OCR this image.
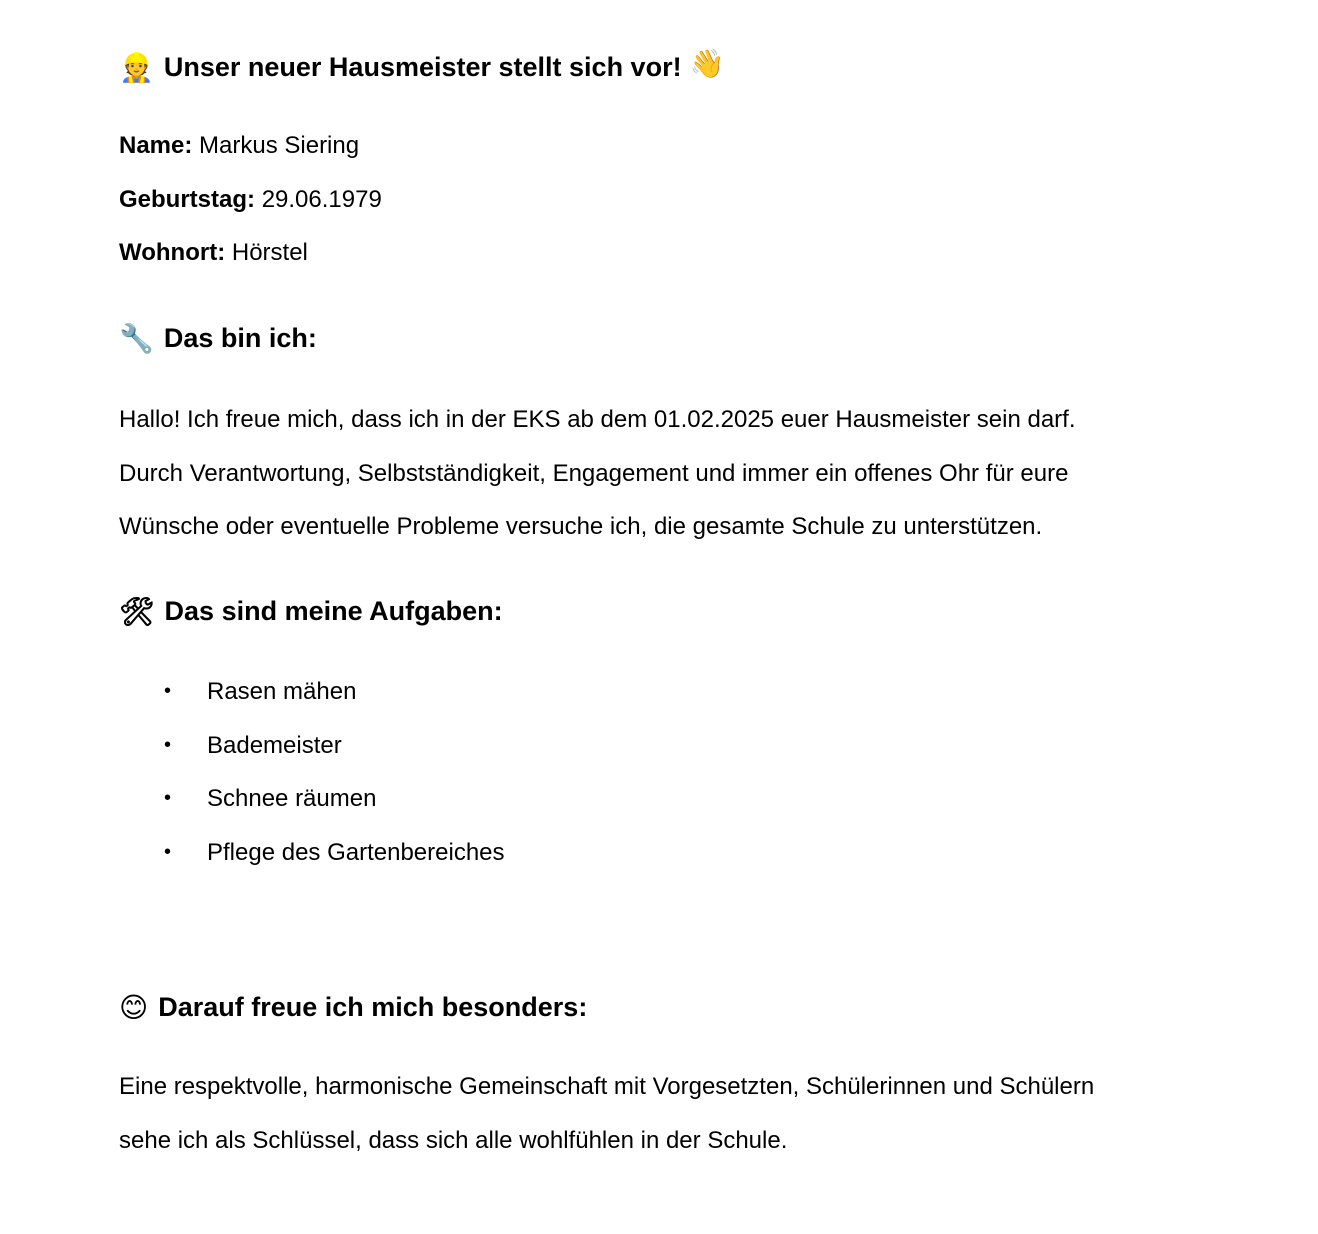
👷 Unser neuer Hausmeister stellt sich vor! 👋
Name: Markus Siering
Geburtstag: 29.06.1979
Wohnort: Hörstel
🔧 Das bin ich:
Hallo! Ich freue mich, dass ich in der EKS ab dem 01.02.2025 euer Hausmeister sein darf.
Durch Verantwortung, Selbstständigkeit, Engagement und immer ein offenes Ohr für eure
Wünsche oder eventuelle Probleme versuche ich, die gesamte Schule zu unterstützen.
🛠 Das sind meine Aufgaben:
• Rasen mähen
• Bademeister
• Schnee räumen
• Pflege des Gartenbereiches
😊 Darauf freue ich mich besonders:
Eine respektvolle, harmonische Gemeinschaft mit Vorgesetzten, Schülerinnen und Schülern
sehe ich als Schlüssel, dass sich alle wohlfühlen in der Schule.
